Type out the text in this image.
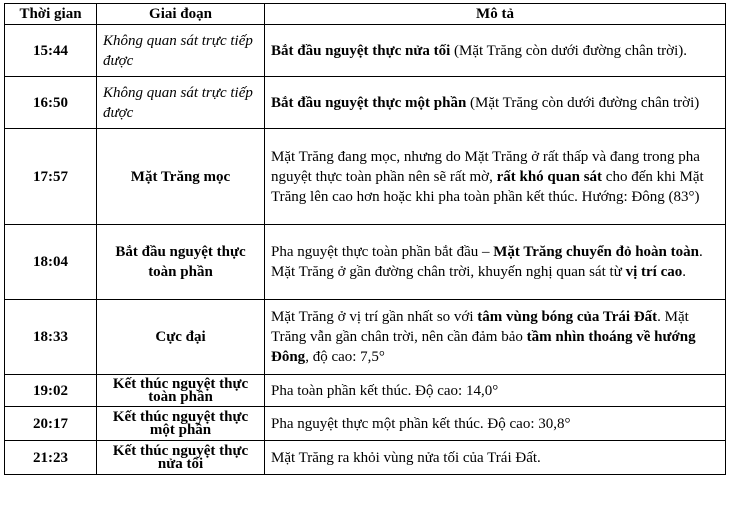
Thời gian	Giai đoạn	Mô tả
15:44	Không quan sát trực tiếp được	Bắt đầu nguyệt thực nửa tối (Mặt Trăng còn dưới đường chân trời).
16:50	Không quan sát trực tiếp được	Bắt đầu nguyệt thực một phần (Mặt Trăng còn dưới đường chân trời)
17:57	Mặt Trăng mọc	Mặt Trăng đang mọc, nhưng do Mặt Trăng ở rất thấp và đang trong pha nguyệt thực toàn phần nên sẽ rất mờ, rất khó quan sát cho đến khi Mặt Trăng lên cao hơn hoặc khi pha toàn phần kết thúc. Hướng: Đông (83°)
18:04	Bắt đầu nguyệt thực toàn phần	Pha nguyệt thực toàn phần bắt đầu – Mặt Trăng chuyển đỏ hoàn toàn. Mặt Trăng ở gần đường chân trời, khuyến nghị quan sát từ vị trí cao.
18:33	Cực đại	Mặt Trăng ở vị trí gần nhất so với tâm vùng bóng của Trái Đất. Mặt Trăng vẫn gần chân trời, nên cần đảm bảo tầm nhìn thoáng về hướng Đông, độ cao: 7,5°
19:02	Kết thúc nguyệt thực toàn phần	Pha toàn phần kết thúc. Độ cao: 14,0°
20:17	Kết thúc nguyệt thực một phần	Pha nguyệt thực một phần kết thúc. Độ cao: 30,8°
21:23	Kết thúc nguyệt thực nửa tối	Mặt Trăng ra khỏi vùng nửa tối của Trái Đất.
